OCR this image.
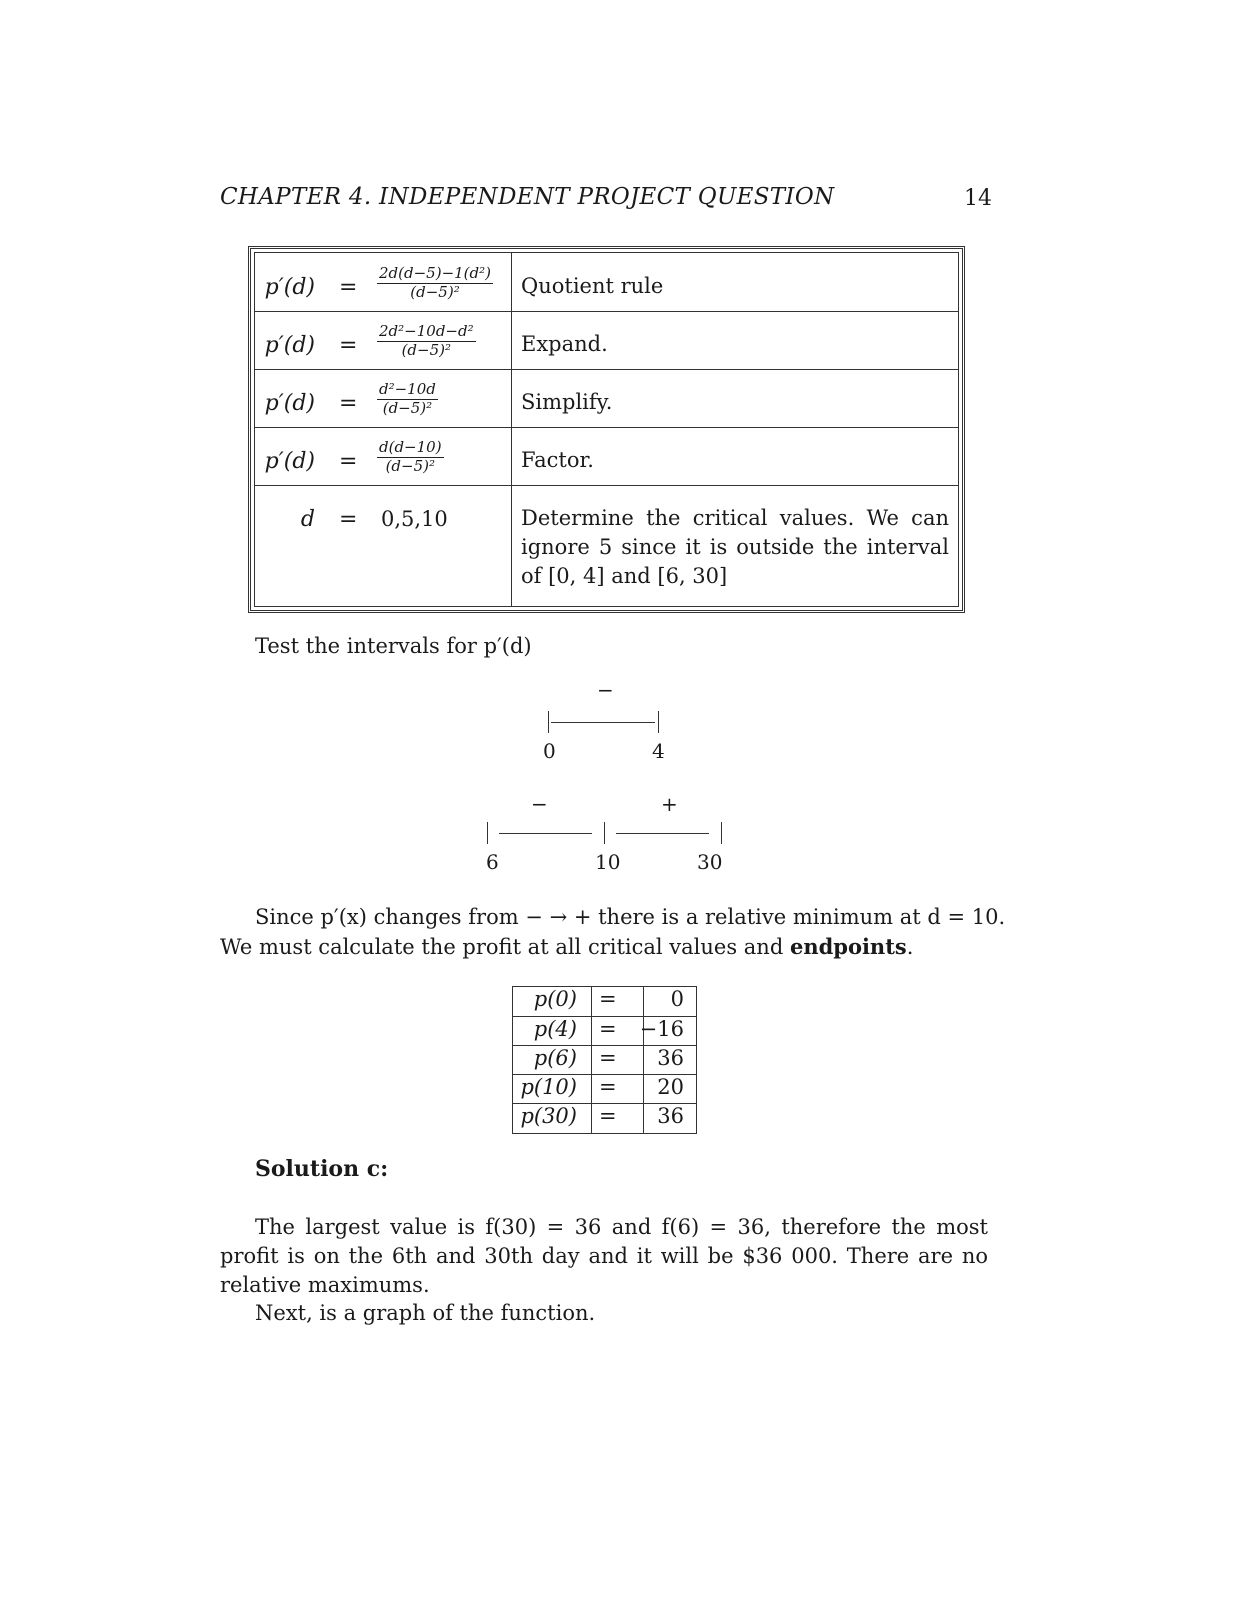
CHAPTER 4. INDEPENDENT PROJECT QUESTION	14
$p'(d) = \frac{\text{2d(d−5)−1(d²)}}{\text{(d−5)²}}$ Quotient rule
$p'(d) = \frac{\text{2d²−10d−d²}}{\text{(d−5)²}}$ Expand.
$p'(d) = \frac{\text{d²−10d}}{\text{(d−5)²}}$	Simplify.
$p'(d) = \frac{d(d-10)}{\text{(d−5)²}}$	Factor.
d = 0,5,10	Determine the critical values. We can ignore 5 since it is outside the interval of [0, 4] and [6, 30]
Test the intervals for p′(d)
−
0	4
−	+
6	10	30
Since p′(x) changes from − → + there is a relative minimum at d = 10.
We must calculate the profit at all critical values and endpoints.
p(0) =	0
p(4) = −16
p(6) = 36
p(10) = 20
p(30) = 36
Solution c:
The largest value is f(30) = 36 and f(6) = 36, therefore the most profit is on the 6th and 30th day and it will be $36 000. There are no relative maximums.
Next, is a graph of the function.
